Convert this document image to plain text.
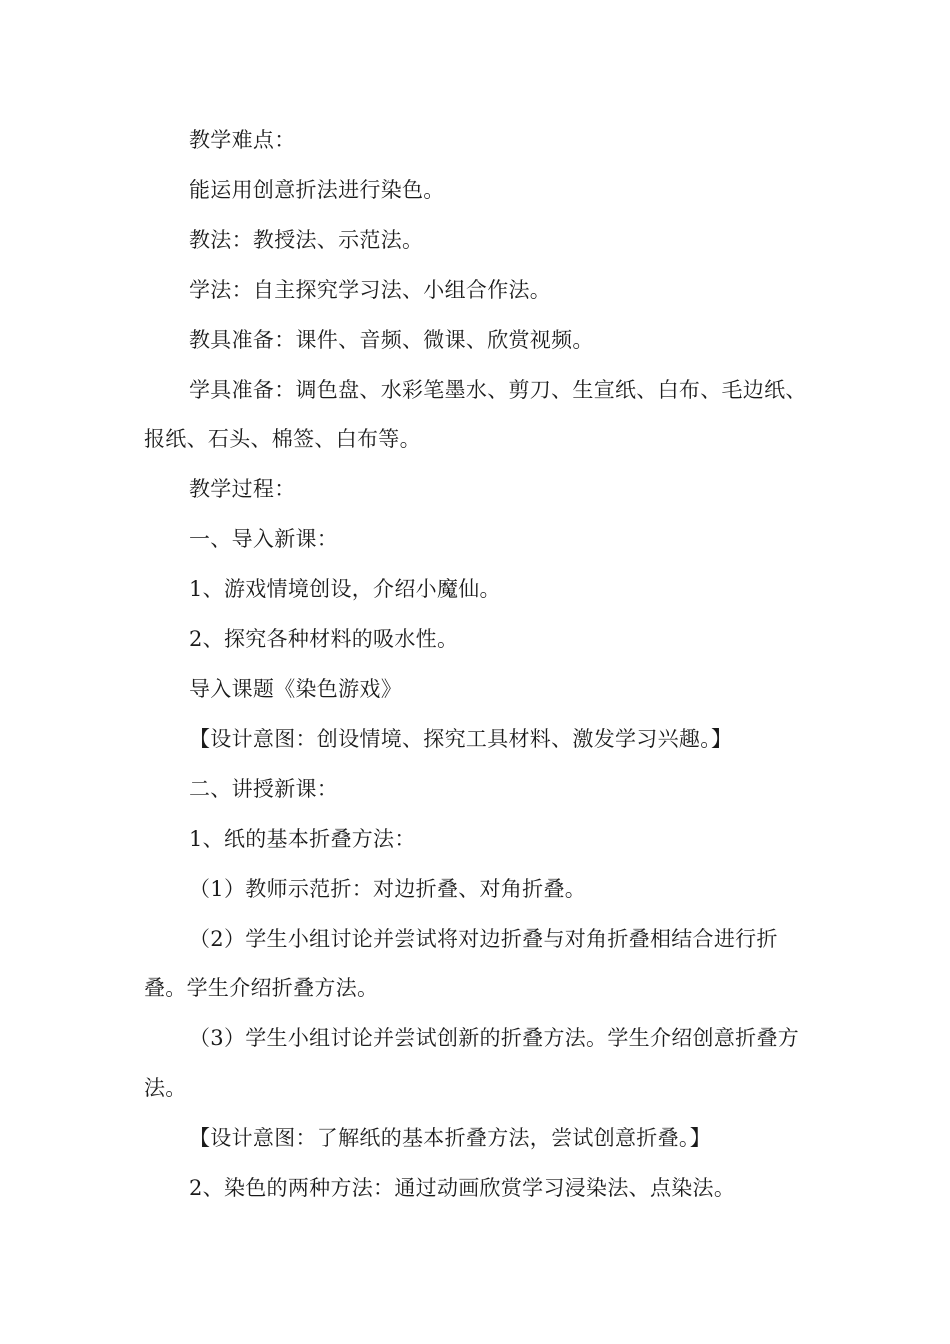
教学难点：

能运用创意折法进行染色。

教法：教授法、示范法。

学法：自主探究学习法、小组合作法。

教具准备：课件、音频、微课、欣赏视频。

学具准备：调色盘、水彩笔墨水、剪刀、生宣纸、白布、毛边纸、报纸、石头、棉签、白布等。

教学过程：

一、导入新课：

1、游戏情境创设，介绍小魔仙。

2、探究各种材料的吸水性。

导入课题《染色游戏》

【设计意图：创设情境、探究工具材料、激发学习兴趣。】

二、讲授新课：

1、纸的基本折叠方法：

（1）教师示范折：对边折叠、对角折叠。

（2）学生小组讨论并尝试将对边折叠与对角折叠相结合进行折叠。学生介绍折叠方法。

（3）学生小组讨论并尝试创新的折叠方法。学生介绍创意折叠方法。

【设计意图：了解纸的基本折叠方法，尝试创意折叠。】

2、染色的两种方法：通过动画欣赏学习浸染法、点染法。
